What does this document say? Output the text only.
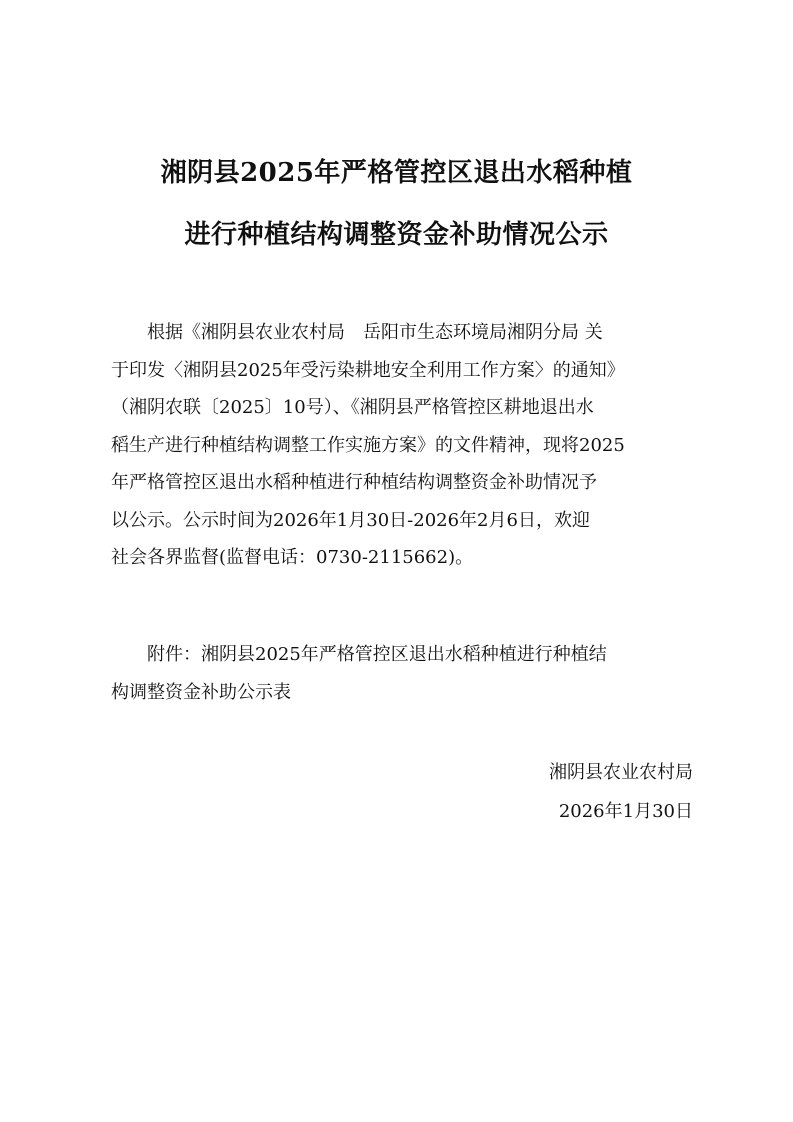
湘阴县2025年严格管控区退出水稻种植
进行种植结构调整资金补助情况公示
根据《湘阴县农业农村局　岳阳市生态环境局湘阴分局 关
于印发〈湘阴县2025年受污染耕地安全利用工作方案〉的通知》
（湘阴农联〔2025〕10号）、《湘阴县严格管控区耕地退出水
稻生产进行种植结构调整工作实施方案》的文件精神，现将2025
年严格管控区退出水稻种植进行种植结构调整资金补助情况予
以公示。公示时间为2026年1月30日-2026年2月6日，欢迎
社会各界监督(监督电话：0730-2115662)。
附件：湘阴县2025年严格管控区退出水稻种植进行种植结
构调整资金补助公示表
湘阴县农业农村局
2026年1月30日
